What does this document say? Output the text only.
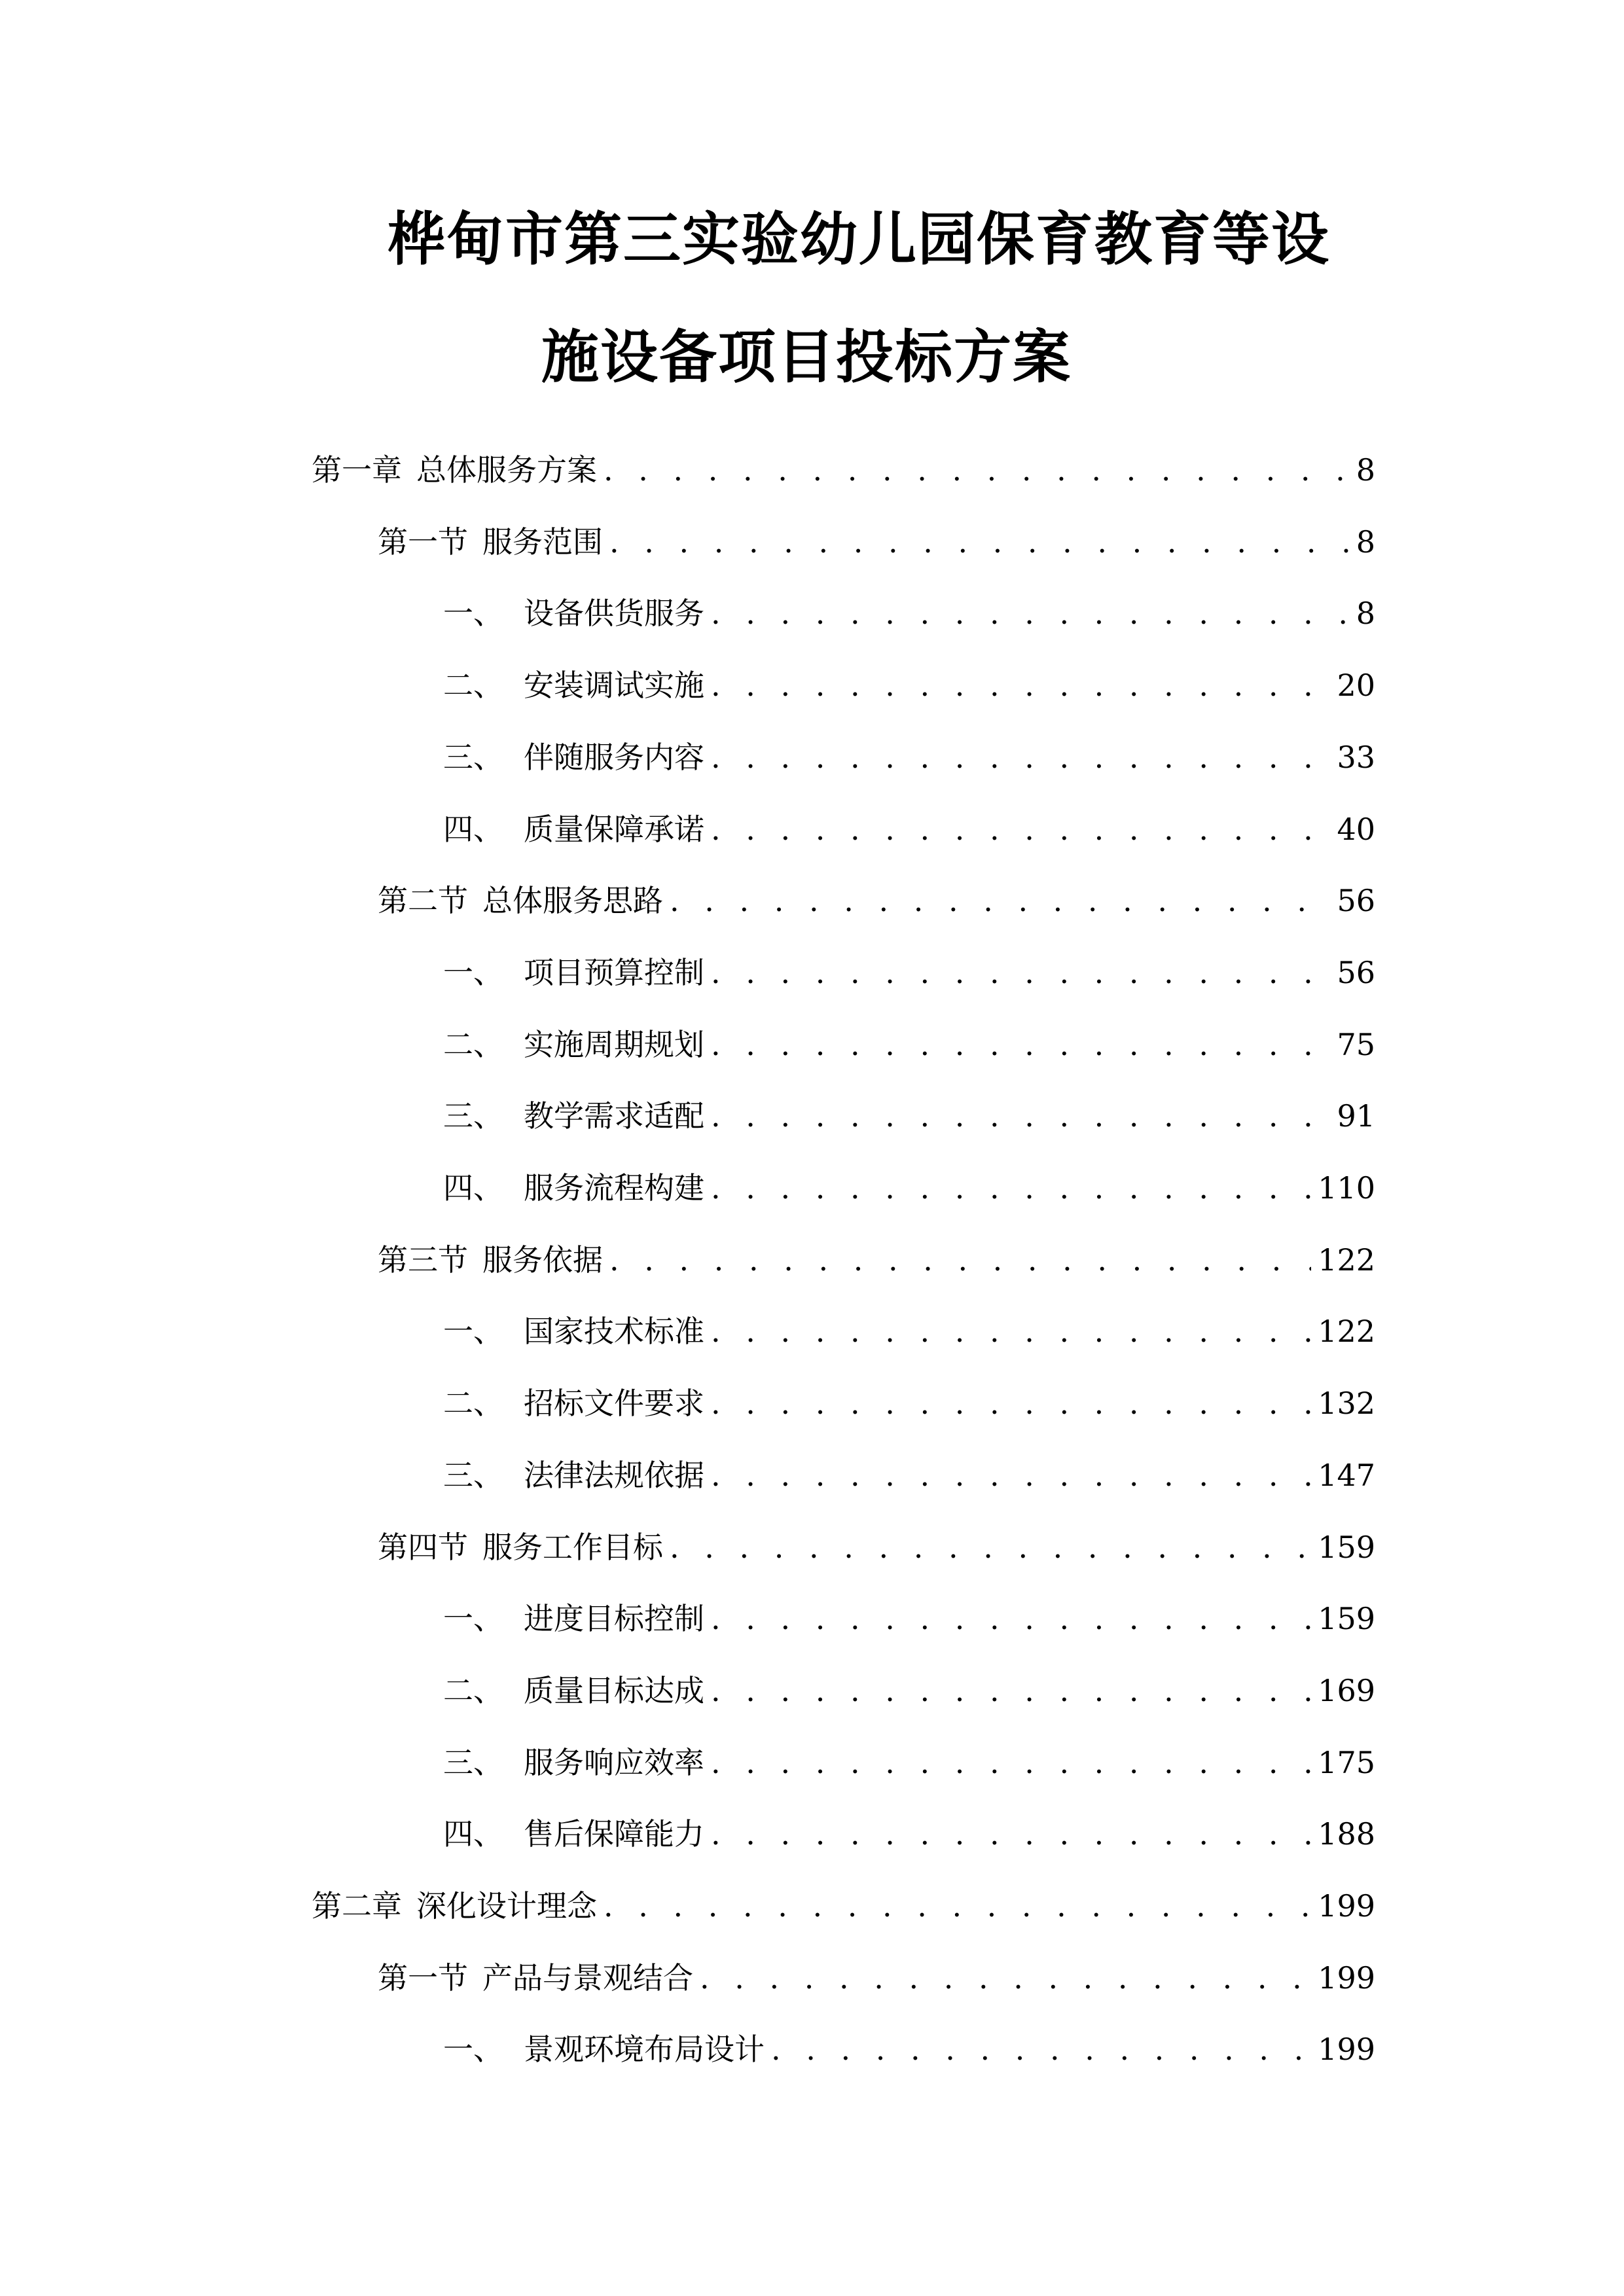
桦甸市第三实验幼儿园保育教育等设
施设备项目投标方案
第一章 总体服务方案 . . .	8
第一节 服务范围 . . .	8
一、 设备供货服务 . . .	8
二、 安装调试实施 . . .	20
三、 伴随服务内容 . . .	33
四、 质量保障承诺 . . .	40
第二节 总体服务思路 . . .	56
一、 项目预算控制 . . .	56
二、 实施周期规划 . . .	75
三、 教学需求适配 . . .	91
四、 服务流程构建 . . .	110
第三节 服务依据 . . .	122
一、 国家技术标准 . . .	122
二、 招标文件要求 . . .	132
三、 法律法规依据 . . .	147
第四节 服务工作目标 . . .	159
一、 进度目标控制 . . .	159
二、 质量目标达成 . . .	169
三、 服务响应效率 . . .	175
四、 售后保障能力 . . .	188
第二章 深化设计理念 . . .	199
第一节 产品与景观结合 . . .	199
一、 景观环境布局设计 . . .	199
